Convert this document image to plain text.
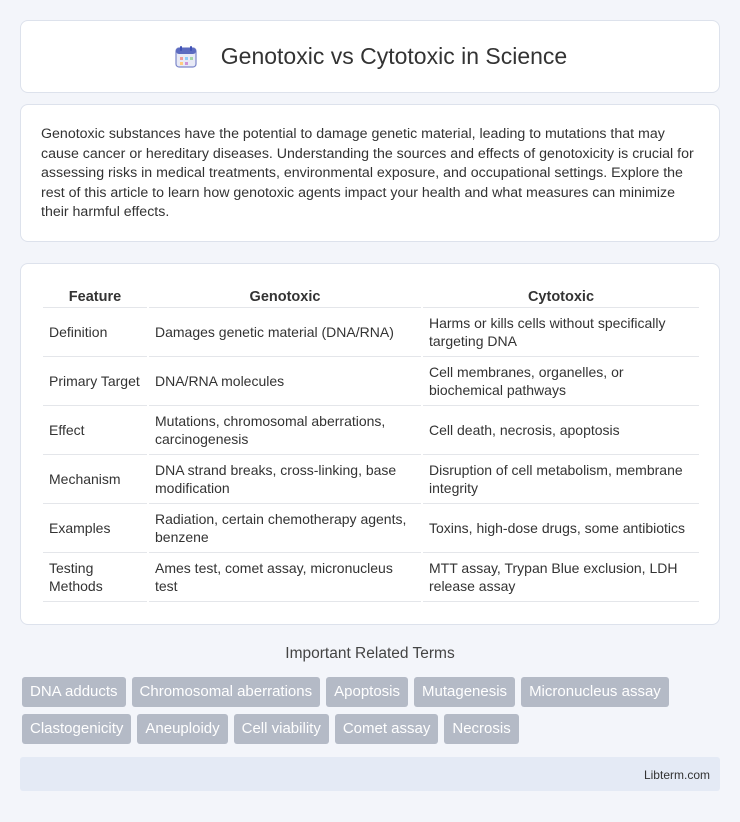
Genotoxic vs Cytotoxic in Science

Genotoxic substances have the potential to damage genetic material, leading to mutations that may cause cancer or hereditary diseases. Understanding the sources and effects of genotoxicity is crucial for assessing risks in medical treatments, environmental exposure, and occupational settings. Explore the rest of this article to learn how genotoxic agents impact your health and what measures can minimize their harmful effects.

Feature	Genotoxic	Cytotoxic
Definition	Damages genetic material (DNA/RNA)	Harms or kills cells without specifically targeting DNA
Primary Target	DNA/RNA molecules	Cell membranes, organelles, or biochemical pathways
Effect	Mutations, chromosomal aberrations, carcinogenesis	Cell death, necrosis, apoptosis
Mechanism	DNA strand breaks, cross-linking, base modification	Disruption of cell metabolism, membrane integrity
Examples	Radiation, certain chemotherapy agents, benzene	Toxins, high-dose drugs, some antibiotics
Testing Methods	Ames test, comet assay, micronucleus test	MTT assay, Trypan Blue exclusion, LDH release assay
Important Related Terms
DNA adducts	Chromosomal aberrations	Apoptosis	Mutagenesis	Micronucleus assay
Clastogenicity	Aneuploidy	Cell viability	Comet assay	Necrosis
Libterm.com
